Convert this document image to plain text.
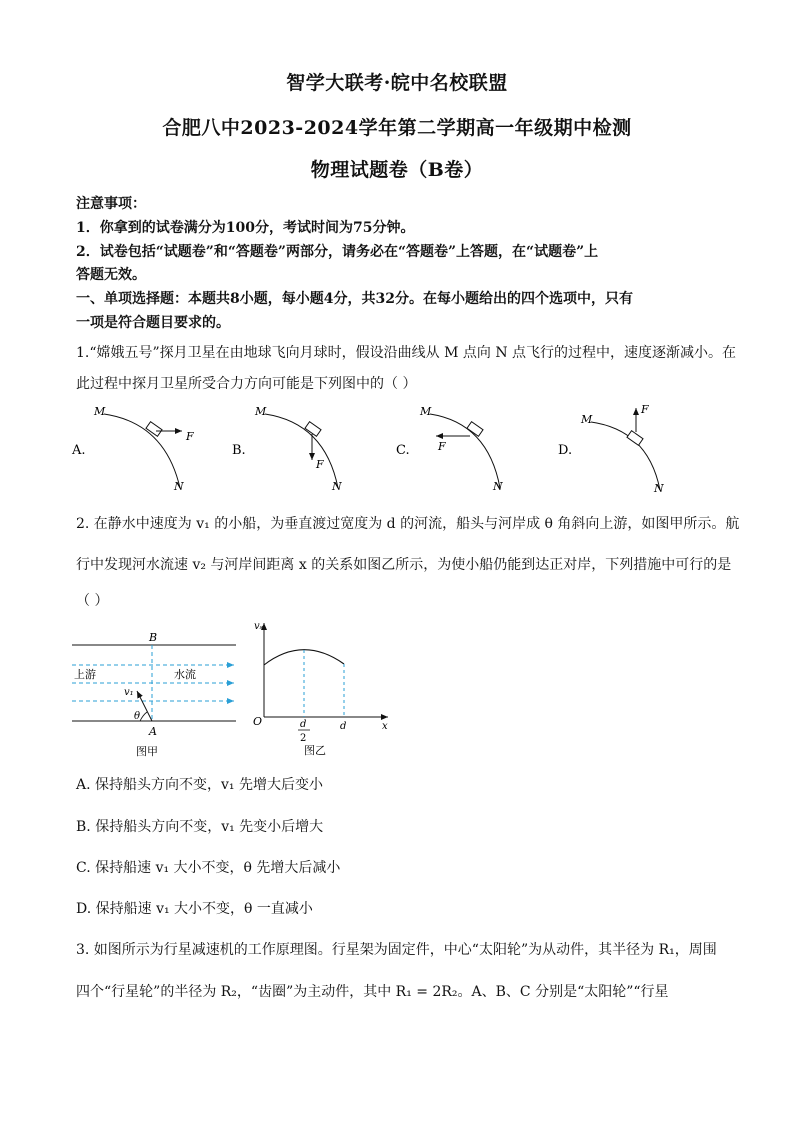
智学大联考·皖中名校联盟
合肥八中2023-2024学年第二学期高一年级期中检测
物理试题卷（B卷）
注意事项：
1．你拿到的试卷满分为100分，考试时间为75分钟。
2．试卷包括“试题卷”和“答题卷”两部分，请务必在“答题卷”上答题，在“试题卷”上
答题无效。
一、单项选择题：本题共8小题，每小题4分，共32分。在每小题给出的四个选项中，只有
一项是符合题目要求的。
1.“嫦娥五号”探月卫星在由地球飞向月球时，假设沿曲线从 M 点向 N 点飞行的过程中，速度逐渐减小。在
此过程中探月卫星所受合力方向可能是下列图中的（ ）
A.
M
N
F
B.
M
N
F
C.
M
N
F	D.
M
N
F
2. 在静水中速度为 v₁ 的小船，为垂直渡过宽度为 d 的河流，船头与河岸成 θ 角斜向上游，如图甲所示。航
行中发现河水流速 v₂ 与河岸间距离 x 的关系如图乙所示，为使小船仍能到达正对岸，下列措施中可行的是
（ ）
B
A
上游	水流
v₁
θ
图甲
vₛ
O	d
2
d	x
图乙
A. 保持船头方向不变，v₁ 先增大后变小
B. 保持船头方向不变，v₁ 先变小后增大
C. 保持船速 v₁ 大小不变，θ 先增大后减小
D. 保持船速 v₁ 大小不变，θ 一直减小
3. 如图所示为行星减速机的工作原理图。行星架为固定件，中心“太阳轮”为从动件，其半径为 R₁，周围
四个“行星轮”的半径为 R₂，“齿圈”为主动件，其中 R₁ = 2R₂。A、B、C 分别是“太阳轮”“行星
